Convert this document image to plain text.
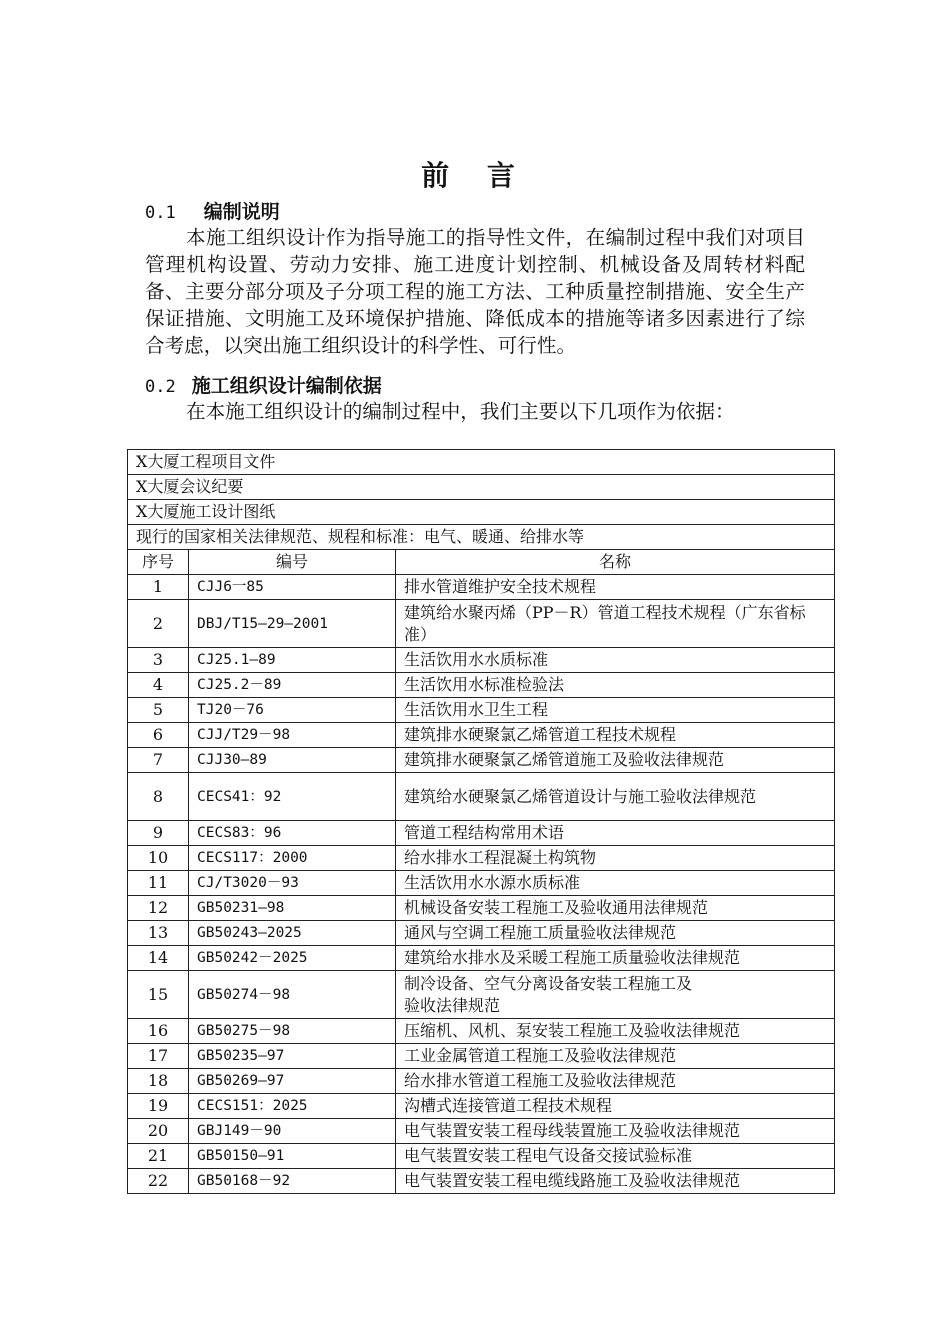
前 言
0.1 编制说明
本施工组织设计作为指导施工的指导性文件，在编制过程中我们对项目管理机构设置、劳动力安排、施工进度计划控制、机械设备及周转材料配备、主要分部分项及子分项工程的施工方法、工种质量控制措施、安全生产保证措施、文明施工及环境保护措施、降低成本的措施等诸多因素进行了综合考虑，以突出施工组织设计的科学性、可行性。
0.2 施工组织设计编制依据
在本施工组织设计的编制过程中，我们主要以下几项作为依据：
X大厦工程项目文件		
X大厦会议纪要		
X大厦施工设计图纸		
现行的国家相关法律规范、规程和标准：电气、暖通、给排水等		
序号	编号	名称
1	CJJ6一85	排水管道维护安全技术规程
2	DBJ/T15—29—2001	建筑给水聚丙烯（PP－R）管道工程技术规程（广东省标准）
3	CJ25.1—89	生活饮用水水质标准
4	CJ25.2－89	生活饮用水标准检验法
5	TJ20－76	生活饮用水卫生工程
6	CJJ/T29－98	建筑排水硬聚氯乙烯管道工程技术规程
7	CJJ30—89	建筑排水硬聚氯乙烯管道施工及验收法律规范
8	CECS41：92	建筑给水硬聚氯乙烯管道设计与施工验收法律规范
9	CECS83：96	管道工程结构常用术语
10	CECS117：2000	给水排水工程混凝土构筑物
11	CJ/T3020－93	生活饮用水水源水质标准
12	GB50231—98	机械设备安装工程施工及验收通用法律规范
13	GB50243—2025	通风与空调工程施工质量验收法律规范
14	GB50242－2025	建筑给水排水及采暖工程施工质量验收法律规范
15	GB50274－98	制冷设备、空气分离设备安装工程施工及
验收法律规范
16	GB50275－98	压缩机、风机、泵安装工程施工及验收法律规范
17	GB50235—97	工业金属管道工程施工及验收法律规范
18	GB50269—97	给水排水管道工程施工及验收法律规范
19	CECS151：2025	沟槽式连接管道工程技术规程
20	GBJ149－90	电气装置安装工程母线装置施工及验收法律规范
21	GB50150—91	电气装置安装工程电气设备交接试验标准
22	GB50168－92	电气装置安装工程电缆线路施工及验收法律规范
